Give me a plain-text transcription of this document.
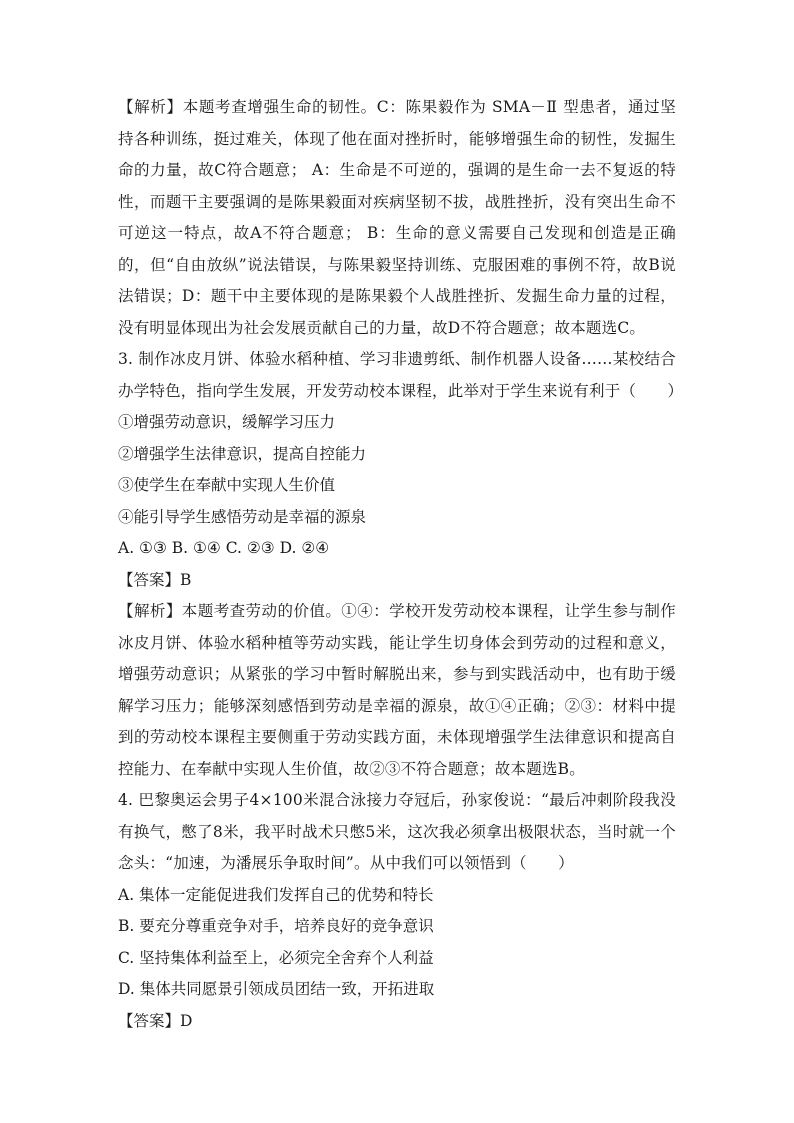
【解析】本题考查增强生命的韧性。C：陈果毅作为 SMA－Ⅱ 型患者，通过坚持各种训练，挺过难关，体现了他在面对挫折时，能够增强生命的韧性，发掘生命的力量，故C符合题意； A：生命是不可逆的，强调的是生命一去不复返的特性，而题干主要强调的是陈果毅面对疾病坚韧不拔，战胜挫折，没有突出生命不可逆这一特点，故A不符合题意； B：生命的意义需要自己发现和创造是正确的，但“自由放纵”说法错误，与陈果毅坚持训练、克服困难的事例不符，故B说法错误；D：题干中主要体现的是陈果毅个人战胜挫折、发掘生命力量的过程，没有明显体现出为社会发展贡献自己的力量，故D不符合题意；故本题选C。

3. 制作冰皮月饼、体验水稻种植、学习非遗剪纸、制作机器人设备……某校结合办学特色，指向学生发展，开发劳动校本课程，此举对于学生来说有利于（　　）

①增强劳动意识，缓解学习压力

②增强学生法律意识，提高自控能力

③使学生在奉献中实现人生价值

④能引导学生感悟劳动是幸福的源泉

A. ①③ B. ①④ C. ②③ D. ②④

【答案】B

【解析】本题考查劳动的价值。①④：学校开发劳动校本课程，让学生参与制作冰皮月饼、体验水稻种植等劳动实践，能让学生切身体会到劳动的过程和意义，增强劳动意识；从紧张的学习中暂时解脱出来，参与到实践活动中，也有助于缓解学习压力；能够深刻感悟到劳动是幸福的源泉，故①④正确；②③：材料中提到的劳动校本课程主要侧重于劳动实践方面，未体现增强学生法律意识和提高自控能力、在奉献中实现人生价值，故②③不符合题意；故本题选B。

4. 巴黎奥运会男子4×100米混合泳接力夺冠后，孙家俊说：“最后冲刺阶段我没有换气，憋了8米，我平时战术只憋5米，这次我必须拿出极限状态，当时就一个念头：“加速，为潘展乐争取时间”。从中我们可以领悟到（　　）

A. 集体一定能促进我们发挥自己的优势和特长

B. 要充分尊重竞争对手，培养良好的竞争意识

C. 坚持集体利益至上，必须完全舍弃个人利益

D. 集体共同愿景引领成员团结一致，开拓进取

【答案】D
